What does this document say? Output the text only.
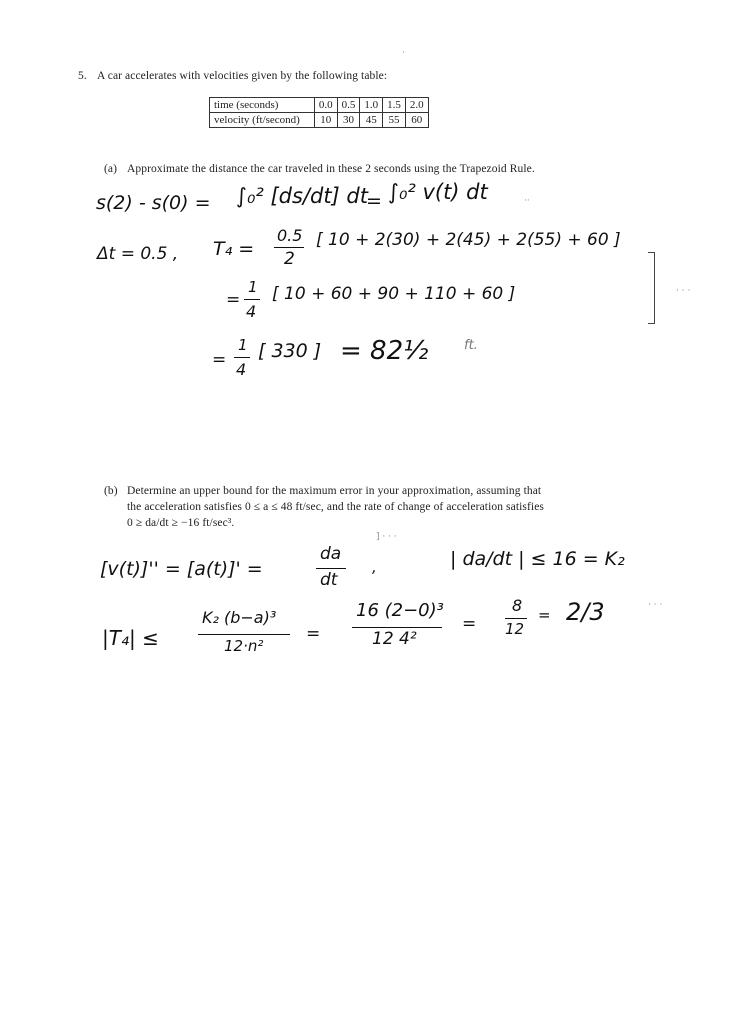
5. A car accelerates with velocities given by the following table:
time (seconds)	0.0	0.5	1.0	1.5	2.0
velocity (ft/second)	10	30	45	55	60
(a) Approximate the distance the car traveled in these 2 seconds using the Trapezoid Rule.
s(2) - s(0) = ∫₀² [ds/dt] dt
= ∫₀² v(t) dt
Δt = 0.5 , T₄ =
0.5
2
[ 10 + 2(30) + 2(45) + 2(55) + 60 ]
=
1
4
[ 10 + 60 + 90 + 110 + 60 ]
=
1
4
[ 330 ] = 82½	ft.
(b) Determine an upper bound for the maximum error in your approximation, assuming that
the acceleration satisfies 0 ≤ a ≤ 48 ft/sec, and the rate of change of acceleration satisfies
0 ≥ da/dt ≥ −16 ft/sec³.
[v(t)]'' = [a(t)]' =
da
dt
,	| da/dt | ≤ 16 = K₂
|T₄| ≤
K₂ (b−a)³
12·n²
=
16 (2−0)³
12 4²
=
8
12
= 2/3
·
··
· · ·
] · · ·
· · ·
